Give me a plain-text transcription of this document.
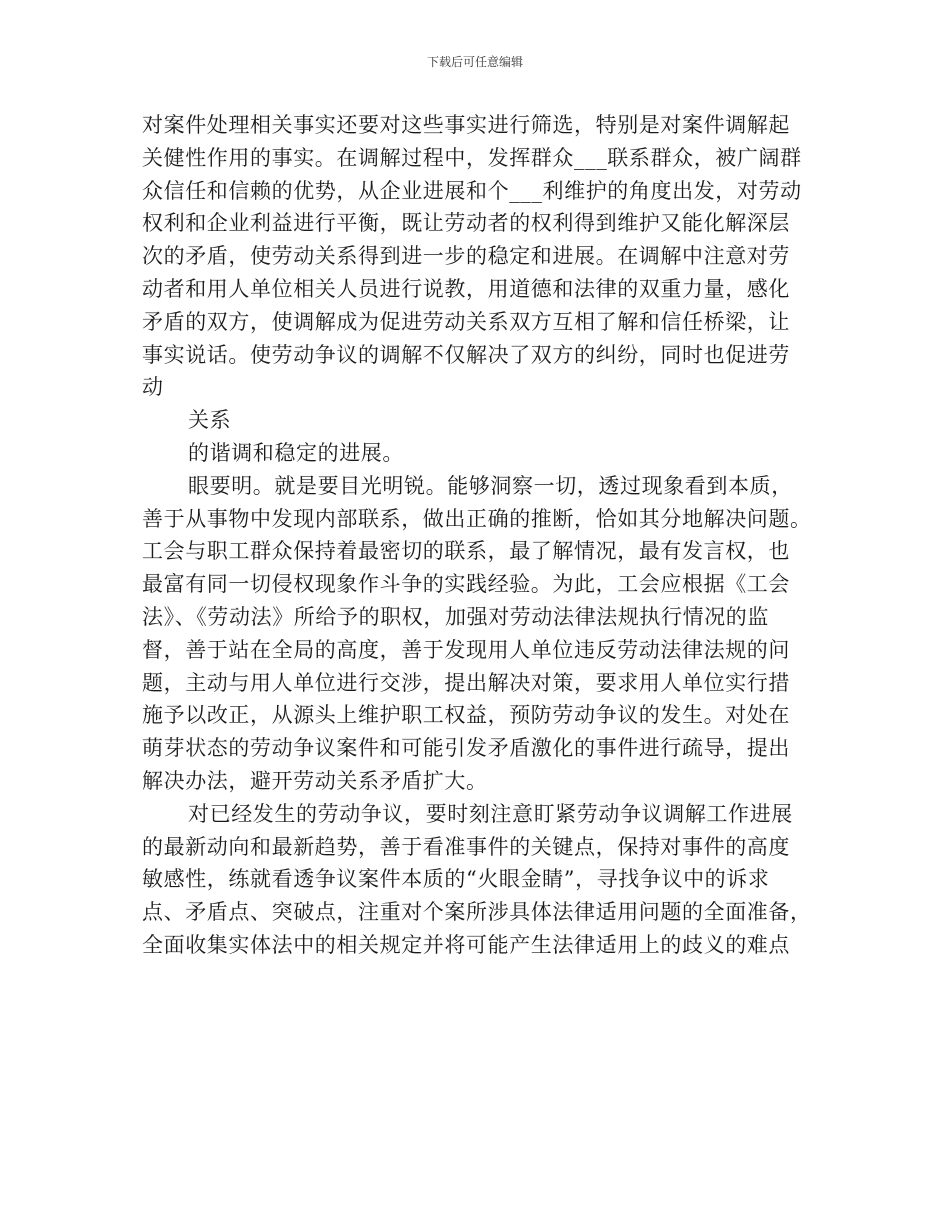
下载后可任意编辑
对案件处理相关事实还要对这些事实进行筛选，特别是对案件调解起
关健性作用的事实。在调解过程中，发挥群众___联系群众，被广阔群
众信任和信赖的优势，从企业进展和个___利维护的角度出发，对劳动
权利和企业利益进行平衡，既让劳动者的权利得到维护又能化解深层
次的矛盾，使劳动关系得到进一步的稳定和进展。在调解中注意对劳
动者和用人单位相关人员进行说教，用道德和法律的双重力量，感化
矛盾的双方，使调解成为促进劳动关系双方互相了解和信任桥梁，让
事实说话。使劳动争议的调解不仅解决了双方的纠纷，同时也促进劳
动
关系
的谐调和稳定的进展。
眼要明。就是要目光明锐。能够洞察一切，透过现象看到本质，
善于从事物中发现内部联系，做出正确的推断，恰如其分地解决问题。
工会与职工群众保持着最密切的联系，最了解情况，最有发言权，也
最富有同一切侵权现象作斗争的实践经验。为此，工会应根据《工会
法》、《劳动法》所给予的职权，加强对劳动法律法规执行情况的监
督，善于站在全局的高度，善于发现用人单位违反劳动法律法规的问
题，主动与用人单位进行交涉，提出解决对策，要求用人单位实行措
施予以改正，从源头上维护职工权益，预防劳动争议的发生。对处在
萌芽状态的劳动争议案件和可能引发矛盾激化的事件进行疏导，提出
解决办法，避开劳动关系矛盾扩大。
对已经发生的劳动争议，要时刻注意盯紧劳动争议调解工作进展
的最新动向和最新趋势，善于看准事件的关键点，保持对事件的高度
敏感性，练就看透争议案件本质的“火眼金睛”，寻找争议中的诉求
点、矛盾点、突破点，注重对个案所涉具体法律适用问题的全面准备，
全面收集实体法中的相关规定并将可能产生法律适用上的歧义的难点
